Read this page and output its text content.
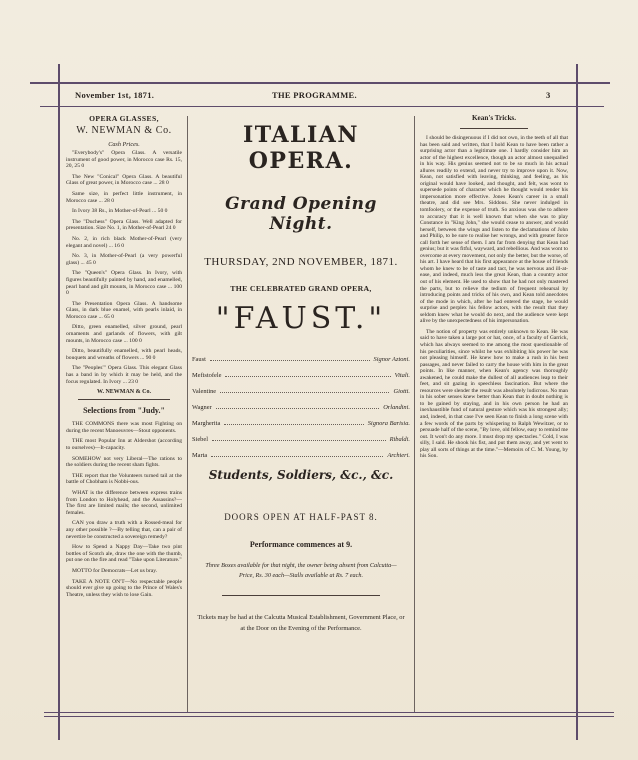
November 1st, 1871.	THE PROGRAMME.	3
OPERA GLASSES,
W. NEWMAN & Co.
Cash Prices.

"Everybody's" Opera Glass. A versatile instrument of good power, in Morocco case Rs. 15, 20, 25 0

The New "Conical" Opera Glass. A beautiful Glass of great power, in Morocco case ... 28 0

Same size, in perfect little instrument, in Morocco case ... 28 0

In Ivory 38 Rs., in Mother-of-Pearl ... 50 0

The "Duchess" Opera Glass. Well adapted for presentation. Size No. 1, in Mother-of-Pearl 24 0

No. 2, in rich black Mother-of-Pearl (very elegant and novel) ... 16 0

No. 3, in Mother-of-Pearl (a very powerful glass) ... 45 0

The "Queen's" Opera Glass. In Ivory, with figures beautifully painted by hand, and enamelled, pearl band and gilt mounts, in Morocco case ... 100 0

The Presentation Opera Glass. A handsome Glass, in dark blue enamel, with pearls inlaid, in Morocco case ... 65 0

Ditto, green enamelled, silver ground, pearl ornaments and garlands of flowers, with gilt mounts, in Morocco case ... 100 0

Ditto, beautifully enamelled, with pearl heads, bouquets and wreaths of flowers ... 90 0

The "Peoples'" Opera Glass. This elegant Glass has a band in by which it may be held, and the focus regulated. In Ivory ... 23 0

W. NEWMAN & Co.
Selections from "Judy."

THE COMMONS there was most Fighting on during the recent Manoeuvres—Stout opponents.

THE most Popular Inn at Aldershot (according to ourselves)—It-capacity.

SOMEHOW not very Liberal—The rations to the soldiers during the recent sham fights.

THE report that the Volunteers turned tail at the battle of Chobham is Nobbi-ous.

WHAT is the difference between express trains from London to Holyhead, and the Assassins?—The first are limited mails; the second, unlimited females.

CAN you draw a truth with a Rossed-meal for any other possible ?—By telling that, can a pair of nevertire be constructed a sovereign remedy?

How to Spend a Nappy Day—Take two pint bottles of Scotch ale, draw the one with the thumb, put one on the fire and read "Take upon Literature."

MOTTO for Democrats—Let us bray.

TAKE A NOTE ON'T—No respectable people should ever give up going to the Prince of Wales's Theatre, unless they wish to lose Gain.

ITALIAN OPERA.
Grand Opening Night.
THURSDAY, 2ND NOVEMBER, 1871.
THE CELEBRATED GRAND OPERA,
"FAUST."
Faust	Signor Aztoni.
Mefistofele	Vitali.
Valentine	Giotti.
Wagner	Orlandini.
Margherita	Signora Barisia.
Siebel	Ribaldi.
Marta	Archieri.
Students, Soldiers, &c., &c.
DOORS OPEN AT HALF-PAST 8.
Performance commences at 9.
Three Boxes available for that night, the owner being absent from Calcutta—Price, Rs. 30 each—Stalls available at Rs. 7 each.
Tickets may be had at the Calcutta Musical Establishment, Government Place, or at the Door on the Evening of the Performance.
Kean's Tricks.

I should be disingenuous if I did not own, in the teeth of all that has been said and written, that I hold Kean to have been rather a surprising actor than a legitimate one. I hardly consider him an actor of the highest excellence, though an actor almost unequalled in his way. His genius seemed not to be so much in his actual allures readily to extend, and never try to improve upon it. Now, Kean, not satisfied with leaving, thinking, and feeling, as his original would have looked, and thought, and felt, was wont to supersede points of character which he thought would render his impersonation more effective. Jones Kean's career in a small theatre, and did see Mrs. Siddons. She never indulged in tomfoolery, or the expense of truth. So anxious was she to adhere to accuracy that it is well known that when she was to play Constance in "King John," she would cease to answer, and would herself, between the wings and listen to the declamations of John and Philip, to be sure to realise her wrongs, and with greater force call forth her sense of them. I am far from denying that Kean had genius; but it was fitful, wayward, and rebellious. And was wont to overcome at every movement, not only the better, but the worse, of his art. I have heard that his first appearance at the house of friends whom he knew to be of taste and tact, he was nervous and ill-at-ease, and indeed, much less the great Kean, than a country actor out of his element. He used to show that he had not only mastered the parts, but to relieve the tedium of frequent rehearsal by introducing points and tricks of his own, and Kean told anecdotes of the mode in which, after he had entered the stage, he would surprise and perplex his fellow actors, with the result that they seldom knew what he would do next, and the audience were kept alive by the unexpectedness of his impersonation.

The notion of property was entirely unknown to Kean. He was said to have taken a large pot or hat, once, of a faculty of Garrick, which has always seemed to me among the most questionable of his peculiarities, since whilst he was exhibiting his power he was not pleasing himself. He knew how to make a rush in his best passages, and never failed to carry the house with him in the great points. In like manner, when Kean's agency was thoroughly awakened, he could make the dullest of all audiences leap to their feet, and sit gazing in speechless fascination. But where the resources were slender the result was absolutely ludicrous. No man in his sober senses knew better than Kean that in doubt nothing is to be gained by staying, and in his own person he had an inexhaustible fund of natural gesture which was his strongest ally; and, indeed, in that case I've seen Kean to finish a long scene with a few words of the parts by whispering to Ralph Wewitzer, or to persuade half of the scene, "By love, old fellow, easy to remind me out. It won't do any more. I must drop my spectacles." Cold, I was silly, I said. He shook his fist, and put them away, and yet went to play all sorts of things at the time."—Memoirs of C. M. Young, by his Son.
